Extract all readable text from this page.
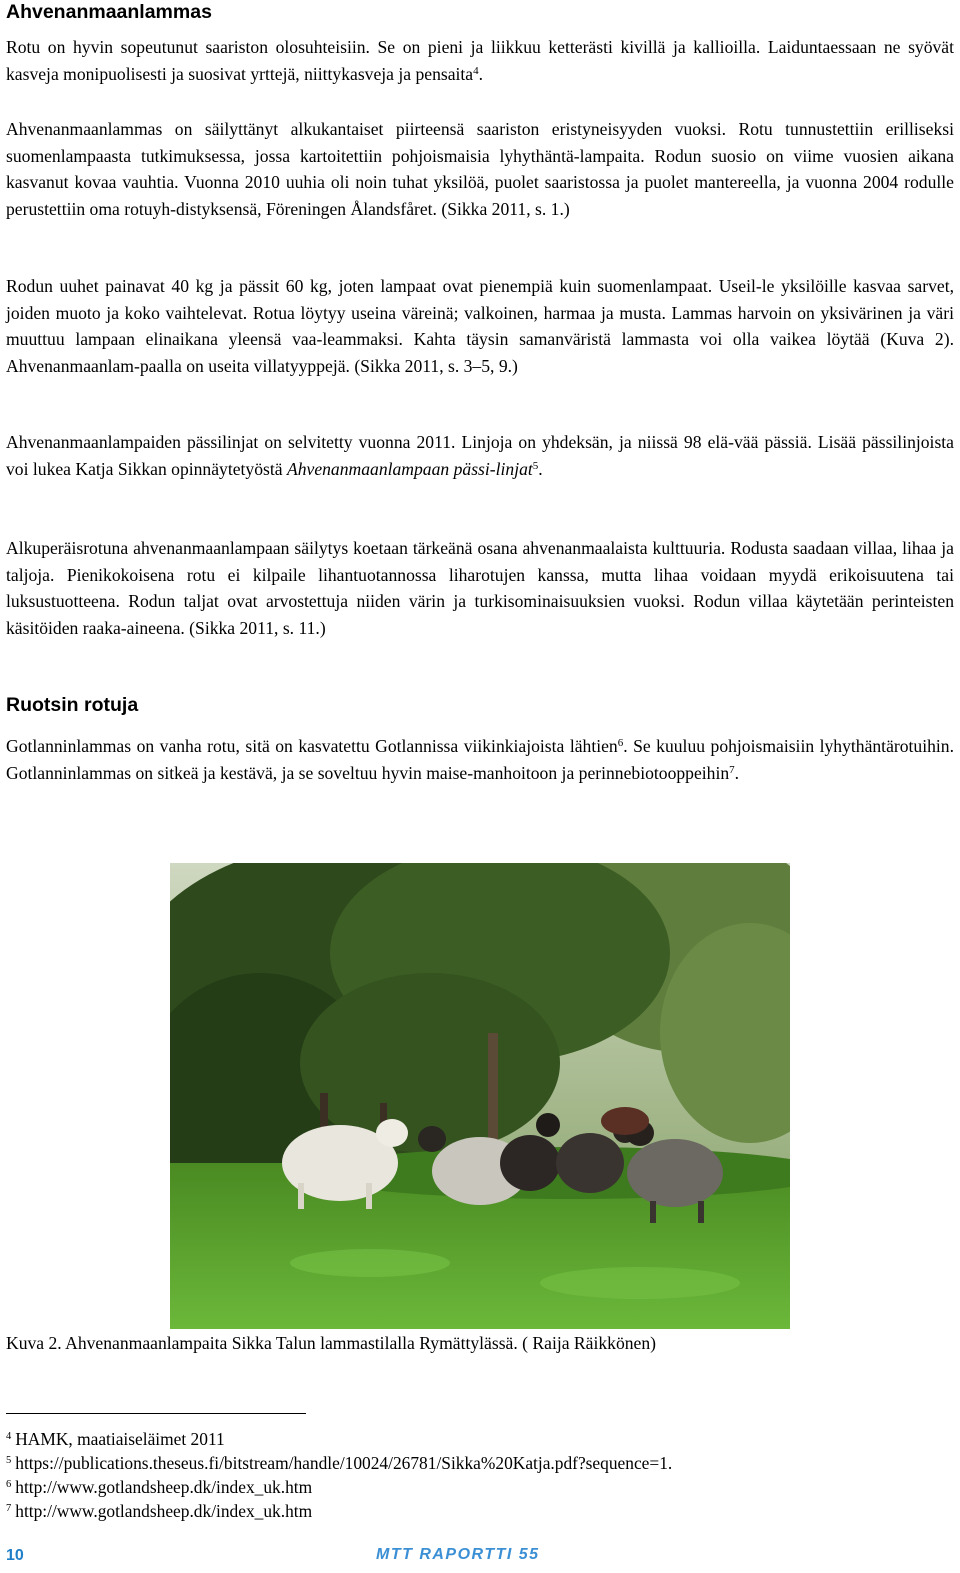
Ahvenanmaanlammas

Rotu on hyvin sopeutunut saariston olosuhteisiin. Se on pieni ja liikkuu ketterästi kivillä ja kallioilla. Laiduntaessaan ne syövät kasveja monipuolisesti ja suosivat yrttejä, niittykasveja ja pensaita$^4$.

Ahvenanmaanlammas on säilyttänyt alkukantaiset piirteensä saariston eristyneisyyden vuoksi. Rotu tunnustettiin erilliseksi suomenlampaasta tutkimuksessa, jossa kartoitettiin pohjoismaisia lyhythäntä-lampaita. Rodun suosio on viime vuosien aikana kasvanut kovaa vauhtia. Vuonna 2010 uuhia oli noin tuhat yksilöä, puolet saaristossa ja puolet mantereella, ja vuonna 2004 rodulle perustettiin oma rotuyh-distyksensä, Föreningen Ålandsfåret. (Sikka 2011, s. 1.)

Rodun uuhet painavat 40 kg ja pässit 60 kg, joten lampaat ovat pienempiä kuin suomenlampaat. Useil-le yksilöille kasvaa sarvet, joiden muoto ja koko vaihtelevat. Rotua löytyy useina väreinä; valkoinen, harmaa ja musta. Lammas harvoin on yksivärinen ja väri muuttuu lampaan elinaikana yleensä vaa-leammaksi. Kahta täysin samanväristä lammasta voi olla vaikea löytää (Kuva 2). Ahvenanmaanlam-paalla on useita villatyyppejä. (Sikka 2011, s. 3–5, 9.)

Ahvenanmaanlampaiden pässilinjat on selvitetty vuonna 2011. Linjoja on yhdeksän, ja niissä 98 elä-vää pässiä. Lisää pässilinjoista voi lukea Katja Sikkan opinnäytetyöstä Ahvenanmaanlampaan pässi-linjat$^5$.

Alkuperäisrotuna ahvenanmaanlampaan säilytys koetaan tärkeänä osana ahvenanmaalaista kulttuuria. Rodusta saadaan villaa, lihaa ja taljoja. Pienikokoisena rotu ei kilpaile lihantuotannossa liharotujen kanssa, mutta lihaa voidaan myydä erikoisuutena tai luksustuotteena. Rodun taljat ovat arvostettuja niiden värin ja turkisominaisuuksien vuoksi. Rodun villaa käytetään perinteisten käsitöiden raaka-aineena. (Sikka 2011, s. 11.)

Ruotsin rotuja

Gotlanninlammas on vanha rotu, sitä on kasvatettu Gotlannissa viikinkiajoista lähtien$^6$. Se kuuluu pohjoismaisiin lyhythäntärotuihin. Gotlanninlammas on sitkeä ja kestävä, ja se soveltuu hyvin maise-manhoitoon ja perinnebiotooppeihin$^7$.

Kuva 2. Ahvenanmaanlampaita Sikka Talun lammastilalla Rymättylässä. ( Raija Räikkönen)
$^4$ HAMK, maatiaiseläimet 2011
$^5$ https://publications.theseus.fi/bitstream/handle/10024/26781/Sikka%20Katja.pdf?sequence=1.
$^6$ http://www.gotlandsheep.dk/index_uk.htm
$^7$ http://www.gotlandsheep.dk/index_uk.htm
10	MTT RAPORTTI 55
